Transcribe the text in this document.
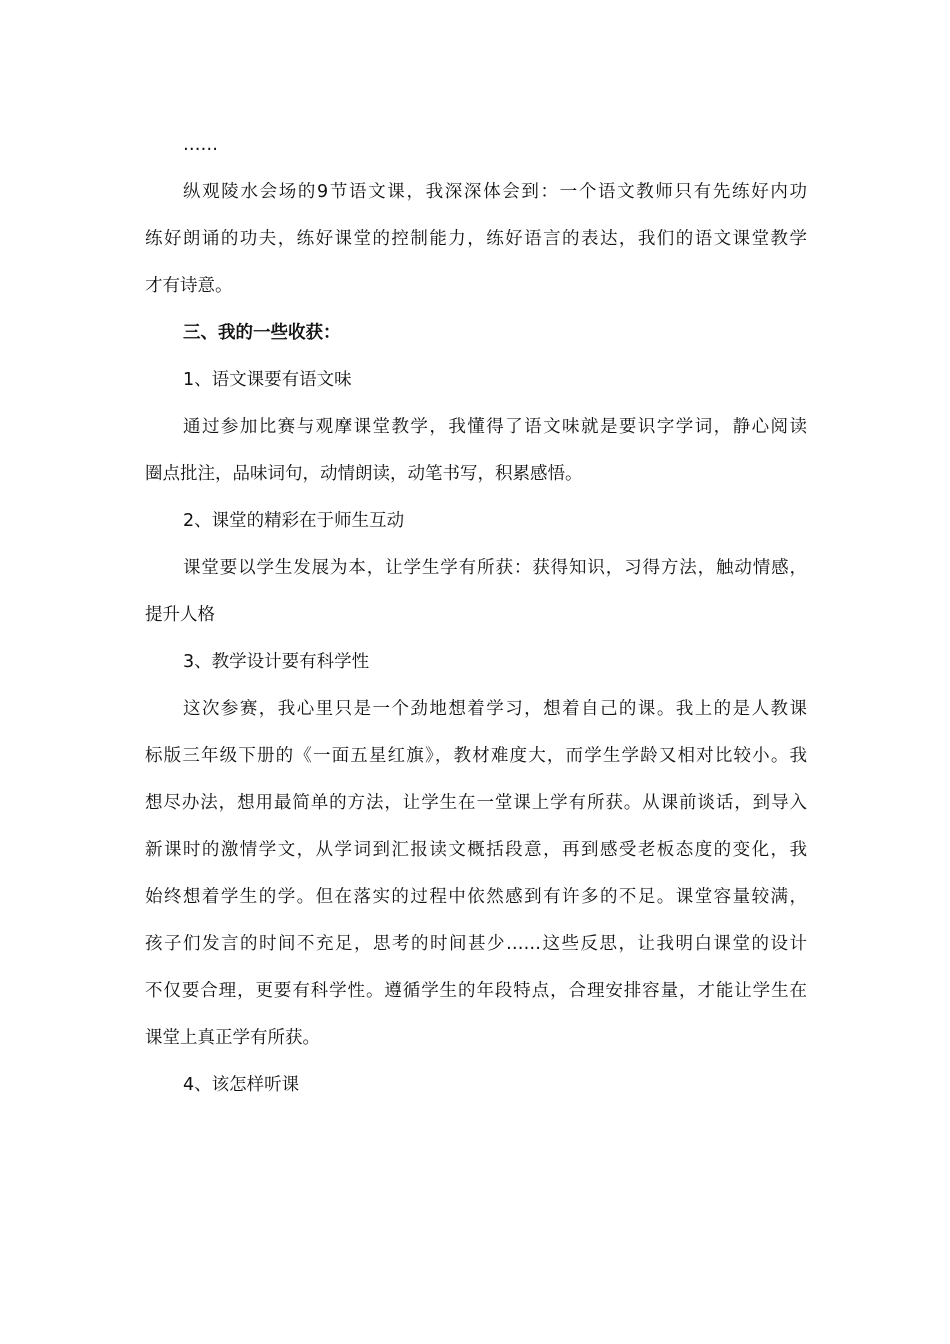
……

纵观陵水会场的9节语文课，我深深体会到：一个语文教师只有先练好内功

练好朗诵的功夫，练好课堂的控制能力，练好语言的表达，我们的语文课堂教学

才有诗意。

三、我的一些收获：

1、语文课要有语文味

通过参加比赛与观摩课堂教学，我懂得了语文味就是要识字学词，静心阅读

圈点批注，品味词句，动情朗读，动笔书写，积累感悟。

2、课堂的精彩在于师生互动

课堂要以学生发展为本，让学生学有所获：获得知识，习得方法，触动情感，

提升人格

3、教学设计要有科学性

这次参赛，我心里只是一个劲地想着学习，想着自己的课。我上的是人教课

标版三年级下册的《一面五星红旗》，教材难度大，而学生学龄又相对比较小。我

想尽办法，想用最简单的方法，让学生在一堂课上学有所获。从课前谈话，到导入

新课时的激情学文，从学词到汇报读文概括段意，再到感受老板态度的变化，我

始终想着学生的学。但在落实的过程中依然感到有许多的不足。课堂容量较满，

孩子们发言的时间不充足，思考的时间甚少……这些反思，让我明白课堂的设计

不仅要合理，更要有科学性。遵循学生的年段特点，合理安排容量，才能让学生在

课堂上真正学有所获。

4、该怎样听课
